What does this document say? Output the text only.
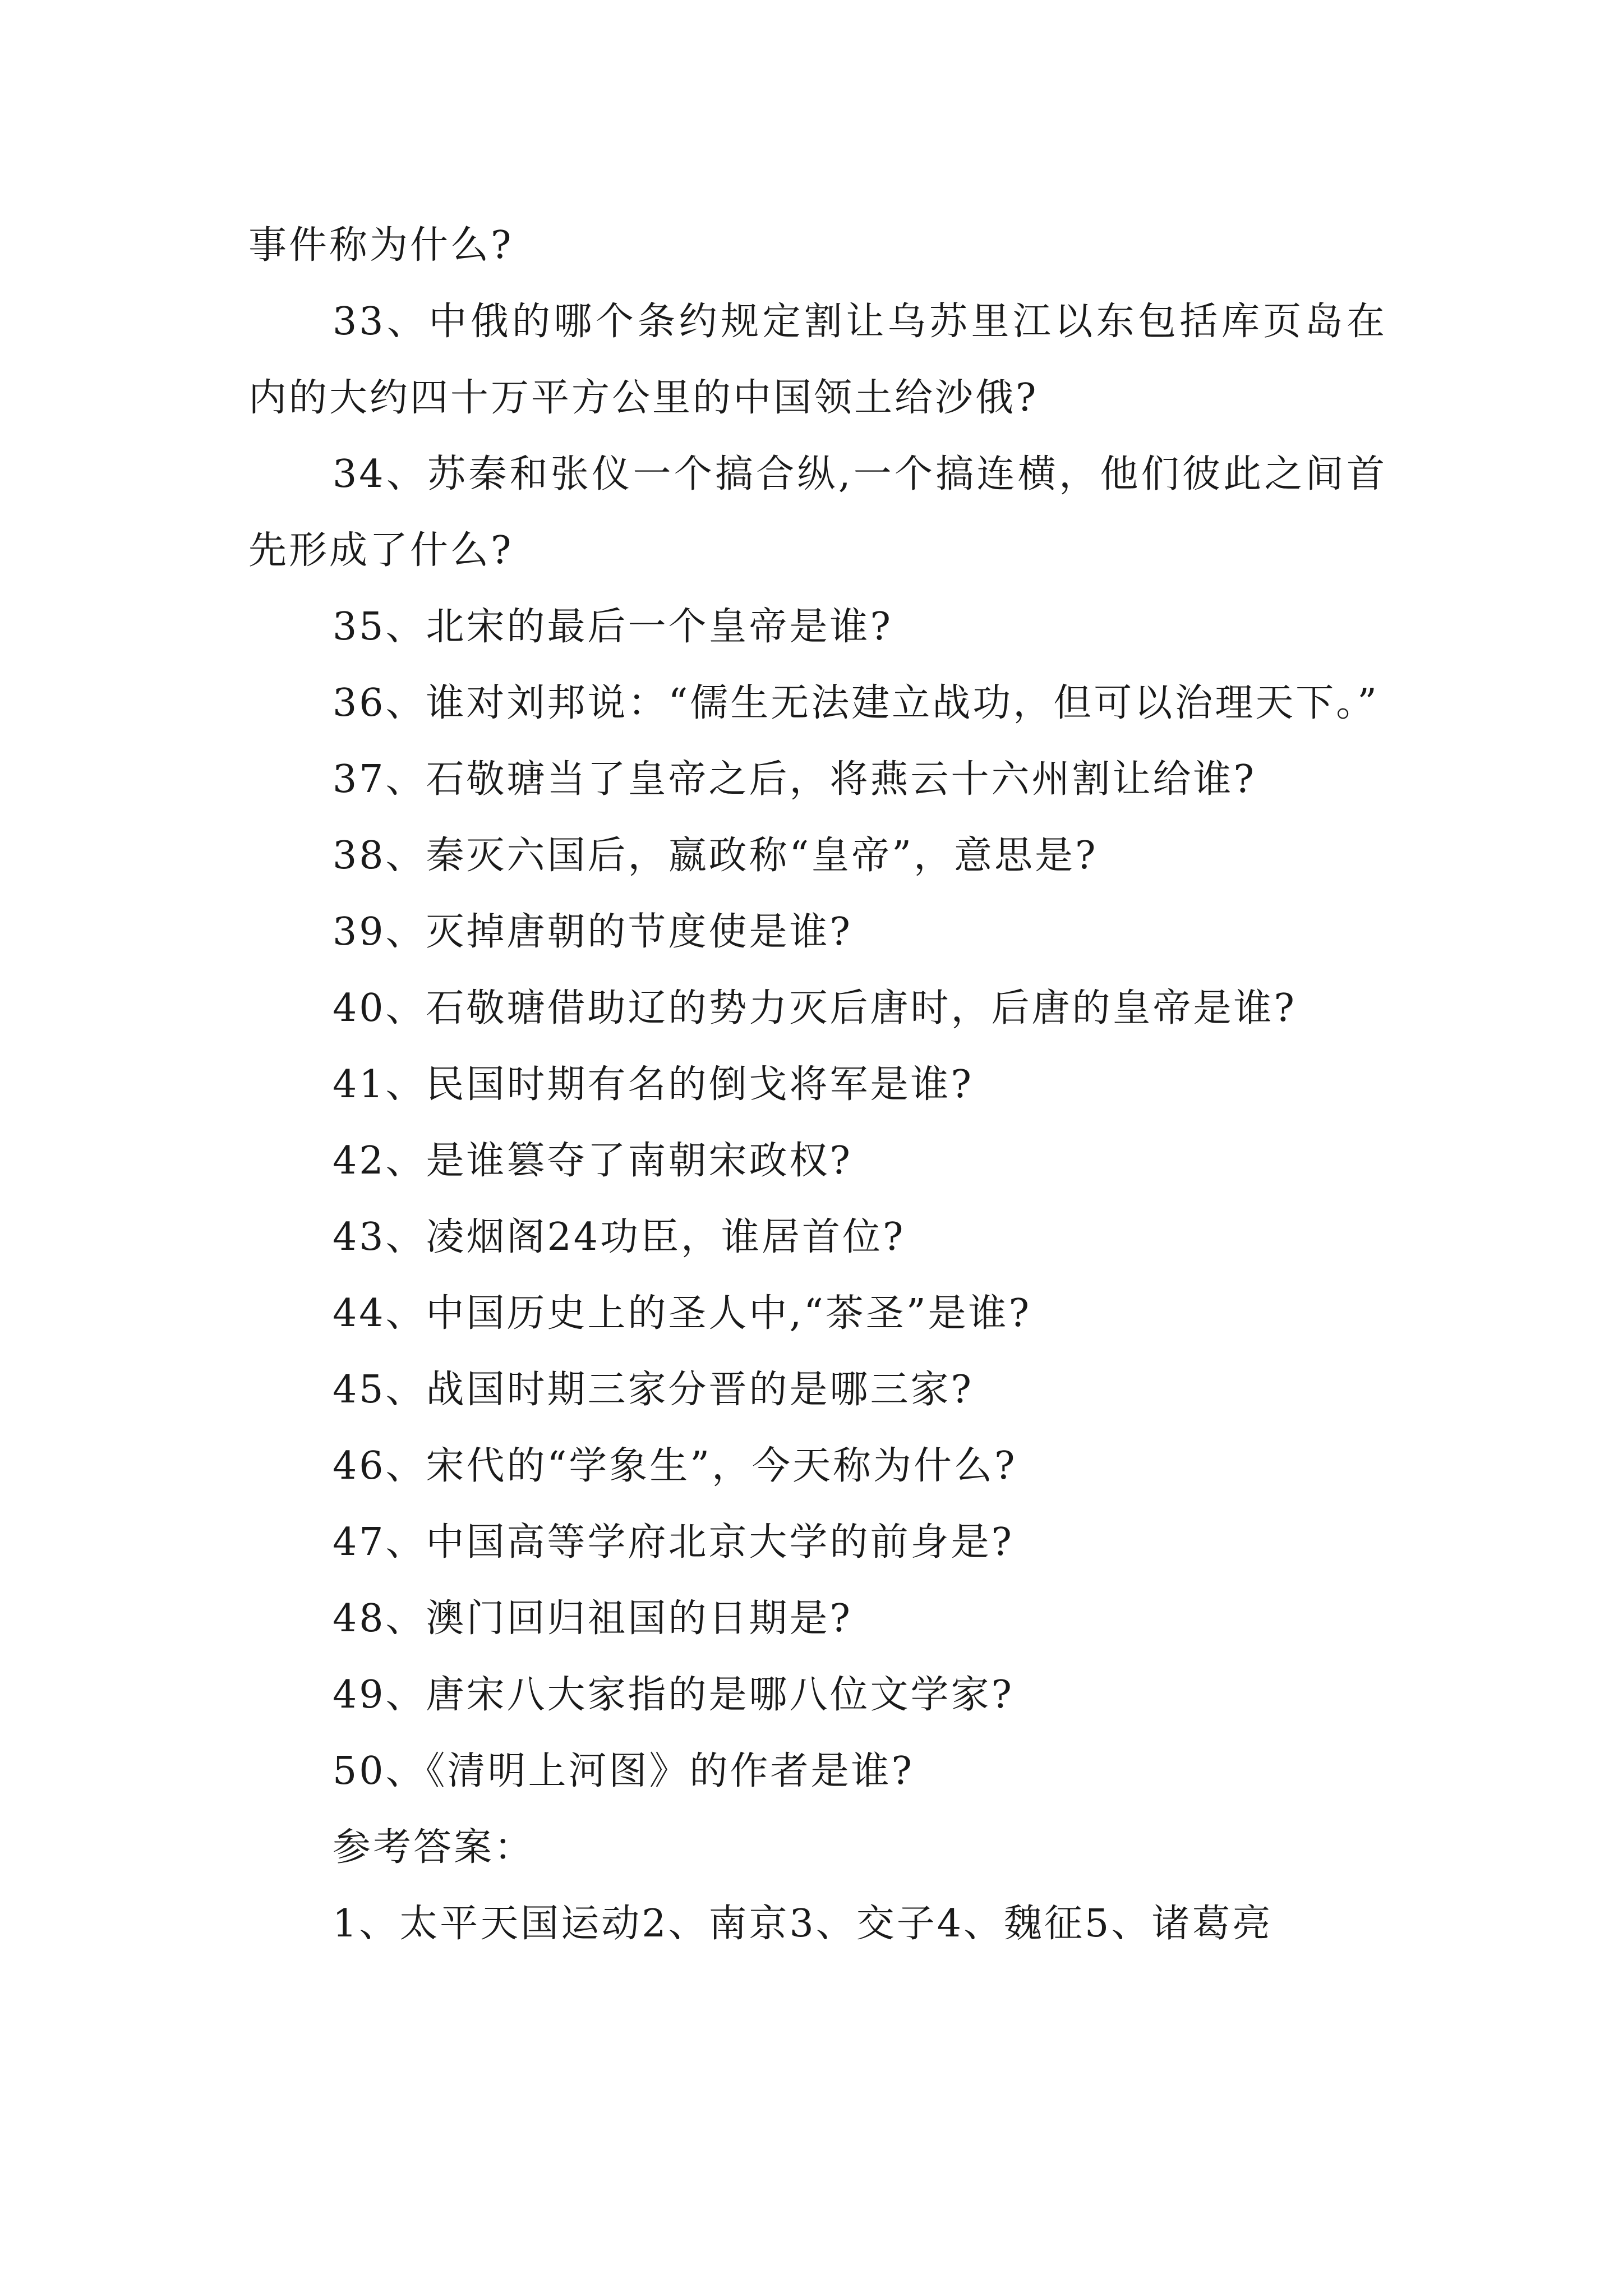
事件称为什么?

33、中俄的哪个条约规定割让乌苏里江以东包括库页岛在内的大约四十万平方公里的中国领土给沙俄?

34、苏秦和张仪一个搞合纵,一个搞连横，他们彼此之间首先形成了什么?

35、北宋的最后一个皇帝是谁?

36、谁对刘邦说：“儒生无法建立战功，但可以治理天下。”

37、石敬瑭当了皇帝之后，将燕云十六州割让给谁?

38、秦灭六国后，嬴政称“皇帝”，意思是?

39、灭掉唐朝的节度使是谁?

40、石敬瑭借助辽的势力灭后唐时，后唐的皇帝是谁?

41、民国时期有名的倒戈将军是谁?

42、是谁篡夺了南朝宋政权?

43、凌烟阁24功臣，谁居首位?

44、中国历史上的圣人中,“茶圣”是谁?

45、战国时期三家分晋的是哪三家?

46、宋代的“学象生”，今天称为什么?

47、中国高等学府北京大学的前身是?

48、澳门回归祖国的日期是?

49、唐宋八大家指的是哪八位文学家?

50、《清明上河图》的作者是谁?

参考答案：

1、太平天国运动2、南京3、交子4、魏征5、诸葛亮
